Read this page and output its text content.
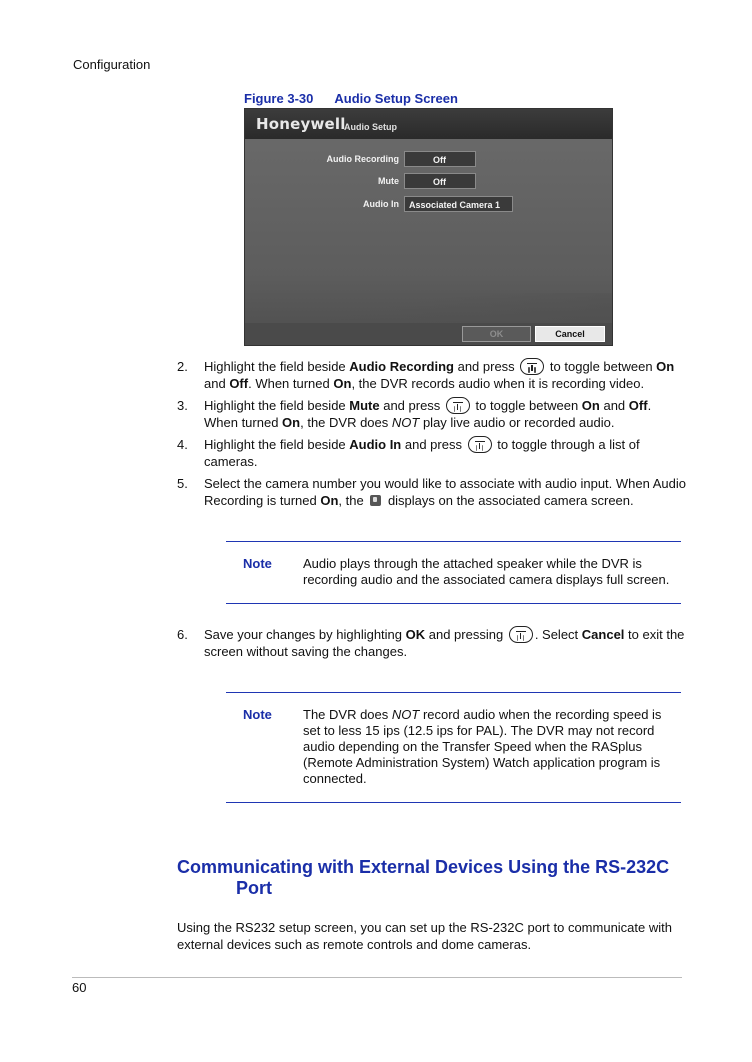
Configuration
Figure 3-30 Audio Setup Screen
Honeywell
Audio Setup
Audio Recording	Off
Mute	Off
Audio In	Associated Camera 1
OK	Cancel
2.	Highlight the field beside Audio Recording and press  to toggle between On and Off. When turned On, the DVR records audio when it is recording video.
3.	Highlight the field beside Mute and press  to toggle between On and Off. When turned On, the DVR does NOT play live audio or recorded audio.
4.	Highlight the field beside Audio In and press  to toggle through a list of cameras.
5.	Select the camera number you would like to associate with audio input. When Audio Recording is turned On, the  displays on the associated camera screen.
Note Audio plays through the attached speaker while the DVR is recording audio and the associated camera displays full screen.
6.	Save your changes by highlighting OK and pressing . Select Cancel to exit the screen without saving the changes.
Note The DVR does NOT record audio when the recording speed is set to less 15 ips (12.5 ips for PAL). The DVR may not record audio depending on the Transfer Speed when the RASplus (Remote Administration System) Watch application program is connected.
Communicating with External Devices Using the RS-232C
Port
Using the RS232 setup screen, you can set up the RS-232C port to communicate with external devices such as remote controls and dome cameras.
60
